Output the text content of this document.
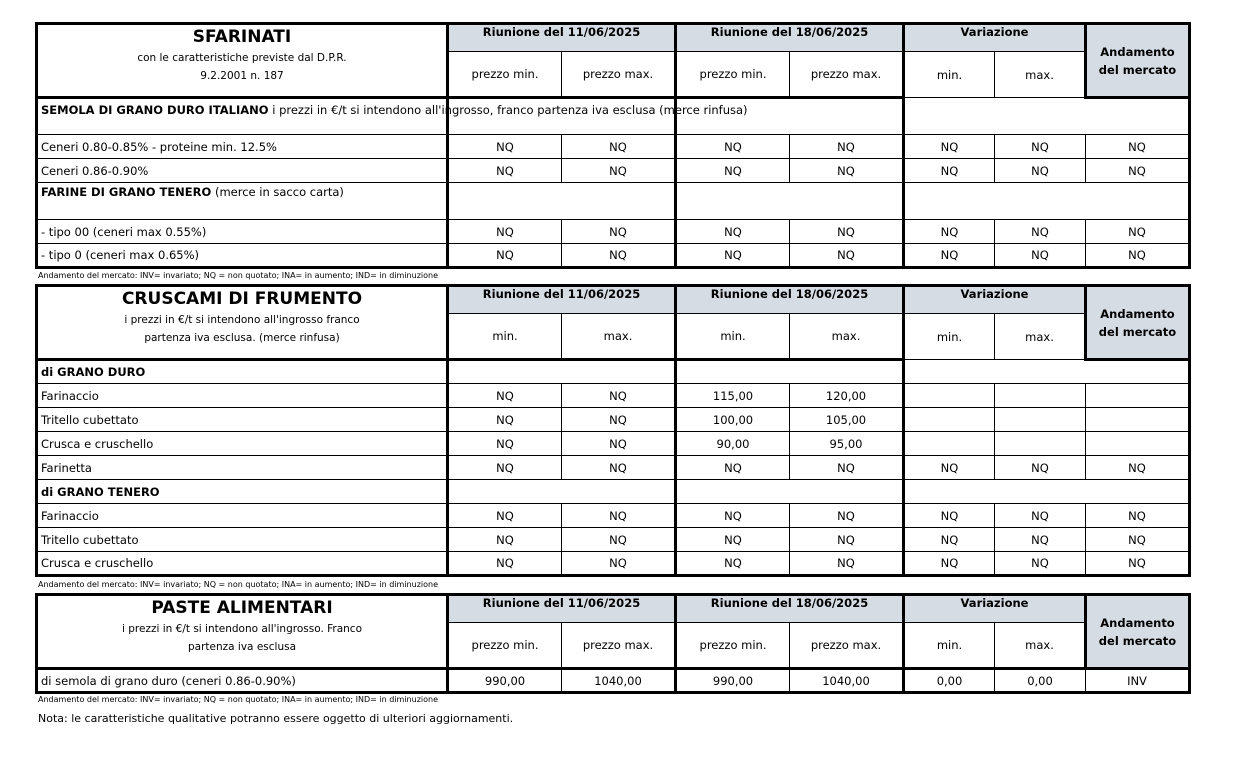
SFARINATI
con le caratteristiche previste dal D.P.R.
9.2.2001 n. 187	Riunione del 11/06/2025		Riunione del 18/06/2025		Variazione		Andamento del mercato
	prezzo min.	prezzo max.	prezzo min.	prezzo max.	min.	max.	
SEMOLA DI GRANO DURO ITALIANO i prezzi in €/t si intendono all'ingrosso, franco partenza iva esclusa (merce rinfusa)							
Ceneri 0.80-0.85% - proteine min. 12.5%	NQ	NQ	NQ	NQ	NQ	NQ	NQ
Ceneri 0.86-0.90%	NQ	NQ	NQ	NQ	NQ	NQ	NQ
FARINE DI GRANO TENERO (merce in sacco carta)							
- tipo 00 (ceneri max 0.55%)	NQ	NQ	NQ	NQ	NQ	NQ	NQ
- tipo 0 (ceneri max 0.65%)	NQ	NQ	NQ	NQ	NQ	NQ	NQ
Andamento del mercato: INV= invariato; NQ = non quotato; INA= in aumento; IND= in diminuzione
CRUSCAMI DI FRUMENTO
i prezzi in €/t si intendono all'ingrosso franco
partenza iva esclusa. (merce rinfusa)	Riunione del 11/06/2025		Riunione del 18/06/2025		Variazione		Andamento del mercato
	min.	max.	min.	max.	min.	max.	
di GRANO DURO							
Farinaccio	NQ	NQ	115,00	120,00			
Tritello cubettato	NQ	NQ	100,00	105,00			
Crusca e cruschello	NQ	NQ	90,00	95,00			
Farinetta	NQ	NQ	NQ	NQ	NQ	NQ	NQ
di GRANO TENERO							
Farinaccio	NQ	NQ	NQ	NQ	NQ	NQ	NQ
Tritello cubettato	NQ	NQ	NQ	NQ	NQ	NQ	NQ
Crusca e cruschello	NQ	NQ	NQ	NQ	NQ	NQ	NQ
Andamento del mercato: INV= invariato; NQ = non quotato; INA= in aumento; IND= in diminuzione
PASTE ALIMENTARI
i prezzi in €/t si intendono all'ingrosso. Franco
partenza iva esclusa	Riunione del 11/06/2025		Riunione del 18/06/2025		Variazione		Andamento del mercato
	prezzo min.	prezzo max.	prezzo min.	prezzo max.	min.	max.	
di semola di grano duro (ceneri 0.86-0.90%)	990,00	1040,00	990,00	1040,00	0,00	0,00	INV
Andamento del mercato: INV= invariato; NQ = non quotato; INA= in aumento; IND= in diminuzione
Nota: le caratteristiche qualitative potranno essere oggetto di ulteriori aggiornamenti.
